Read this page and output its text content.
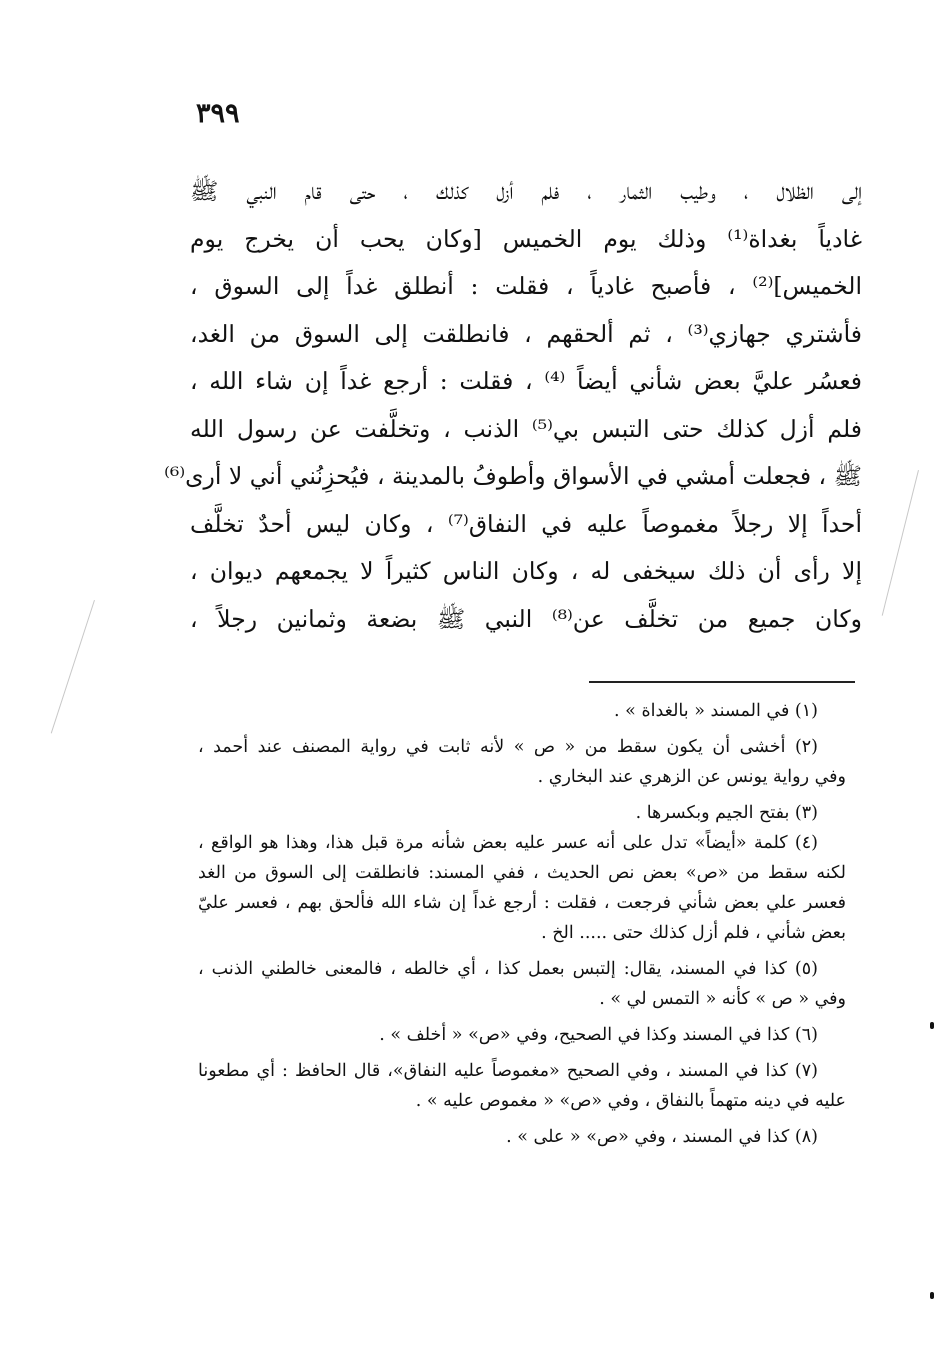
٣٩٩
إلى الظلال ، وطيب الثمار ، فلم أزل كذلك ، حتى قام النبي ﷺ
غادياً بغداة⁽¹⁾ وذلك يوم الخميس [وكان يحب أن يخرج يوم
الخميس]⁽²⁾ ، فأصبح غادياً ، فقلت : أنطلق غداً إلى السوق ،
فأشتري جهازي⁽³⁾ ، ثم ألحقهم ، فانطلقت إلى السوق من الغد،
فعسُر عليَّ بعض شأني أيضاً ⁽⁴⁾ ، فقلت : أرجع غداً إن شاء الله ،
فلم أزل كذلك حتى التبس بي⁽⁵⁾ الذنب ، وتخلَّفت عن رسول الله
ﷺ ، فجعلت أمشي في الأسواق وأطوفُ بالمدينة ، فيُحزِنُني أني لا أرى⁽⁶⁾
أحداً إلا رجلاً مغموصاً عليه في النفاق⁽⁷⁾ ، وكان ليس أحدٌ تخلَّف
إلا رأى أن ذلك سيخفى له ، وكان الناس كثيراً لا يجمعهم ديوان ،
وكان جميع من تخلَّف عن⁽⁸⁾ النبي ﷺ بضعة وثمانين رجلاً ،
(١) في المسند « بالغداة » .
(٢) أخشى أن يكون سقط من « ص » لأنه ثابت في رواية المصنف عند أحمد ،
وفي رواية يونس عن الزهري عند البخاري .
(٣) بفتح الجيم وبكسرها .
(٤) كلمة «أيضاً» تدل على أنه عسر عليه بعض شأنه مرة قبل هذا، وهذا هو الواقع ،
لكنه سقط من «ص» بعض نص الحديث ، ففي المسند: فانطلقت إلى السوق من الغد
فعسر علي بعض شأني فرجعت ، فقلت : أرجع غداً إن شاء الله فألحق بهم ، فعسر عليّ
بعض شأني ، فلم أزل كذلك حتى ..... الخ .
(٥) كذا في المسند، يقال: إلتبس بعمل كذا ، أي خالطه ، فالمعنى خالطني الذنب ،
وفي « ص » كأنه « التمس لي » .
(٦) كذا في المسند وكذا في الصحيح، وفي «ص» « أخلف » .
(٧) كذا في المسند ، وفي الصحيح «مغموصاً عليه النفاق»، قال الحافظ : أي مطعونا
عليه في دينه متهماً بالنفاق ، وفي «ص» « مغموص عليه » .
(٨) كذا في المسند ، وفي «ص» « على » .
